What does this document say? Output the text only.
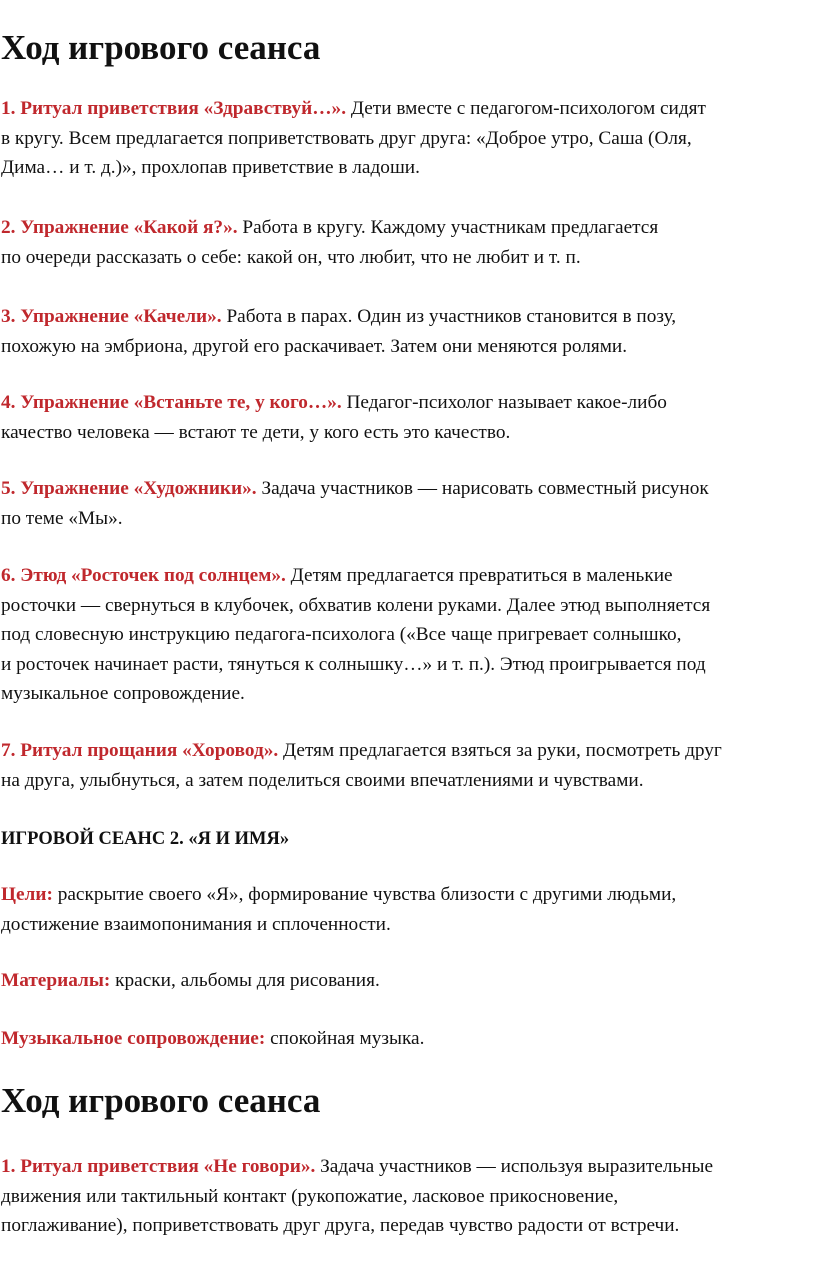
Ход игрового сеанса
1. Ритуал приветствия «Здравствуй…». Дети вместе с педагогом-психологом сидят
в кругу. Всем предлагается поприветствовать друг друга: «Доброе утро, Саша (Оля,
Дима… и т. д.)», прохлопав приветствие в ладоши.
2. Упражнение «Какой я?». Работа в кругу. Каждому участникам предлагается
по очереди рассказать о себе: какой он, что любит, что не любит и т. п.
3. Упражнение «Качели». Работа в парах. Один из участников становится в позу,
похожую на эмбриона, другой его раскачивает. Затем они меняются ролями.
4. Упражнение «Встаньте те, у кого…». Педагог-психолог называет какое-либо
качество человека — встают те дети, у кого есть это качество.
5. Упражнение «Художники». Задача участников — нарисовать совместный рисунок
по теме «Мы».
6. Этюд «Росточек под солнцем». Детям предлагается превратиться в маленькие
росточки — свернуться в клубочек, обхватив колени руками. Далее этюд выполняется
под словесную инструкцию педагога-психолога («Все чаще пригревает солнышко,
и росточек начинает расти, тянуться к солнышку…» и т. п.). Этюд проигрывается под
музыкальное сопровождение.
7. Ритуал прощания «Хоровод». Детям предлагается взяться за руки, посмотреть друг
на друга, улыбнуться, а затем поделиться своими впечатлениями и чувствами.
ИГРОВОЙ СЕАНС 2. «Я И ИМЯ»
Цели: раскрытие своего «Я», формирование чувства близости с другими людьми,
достижение взаимопонимания и сплоченности.
Материалы: краски, альбомы для рисования.
Музыкальное сопровождение: спокойная музыка.
Ход игрового сеанса
1. Ритуал приветствия «Не говори». Задача участников — используя выразительные
движения или тактильный контакт (рукопожатие, ласковое прикосновение,
поглаживание), поприветствовать друг друга, передав чувство радости от встречи.
